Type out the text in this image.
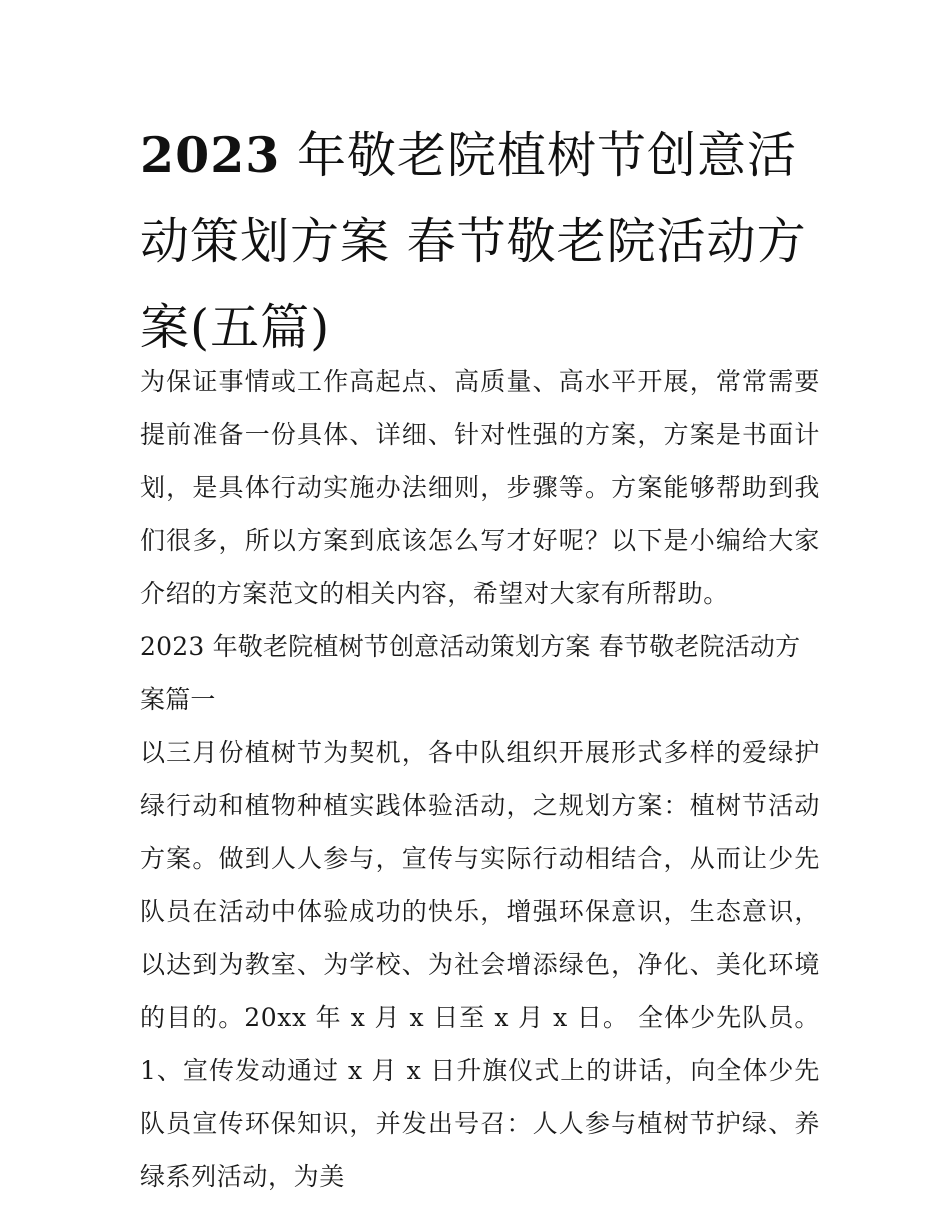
2023 年敬老院植树节创意活动策划方案 春节敬老院活动方案(五篇)

为保证事情或工作高起点、高质量、高水平开展，常常需要提前准备一份具体、详细、针对性强的方案，方案是书面计划，是具体行动实施办法细则，步骤等。方案能够帮助到我们很多，所以方案到底该怎么写才好呢？以下是小编给大家介绍的方案范文的相关内容，希望对大家有所帮助。

2023 年敬老院植树节创意活动策划方案 春节敬老院活动方案篇一

以三月份植树节为契机，各中队组织开展形式多样的爱绿护绿行动和植物种植实践体验活动，之规划方案：植树节活动方案。做到人人参与，宣传与实际行动相结合，从而让少先队员在活动中体验成功的快乐，增强环保意识，生态意识，以达到为教室、为学校、为社会增添绿色，净化、美化环境的目的。20xx 年 x 月 x 日至 x 月 x 日。 全体少先队员。 1、宣传发动通过 x 月 x 日升旗仪式上的讲话，向全体少先队员宣传环保知识，并发出号召：人人参与植树节护绿、养绿系列活动，为美
